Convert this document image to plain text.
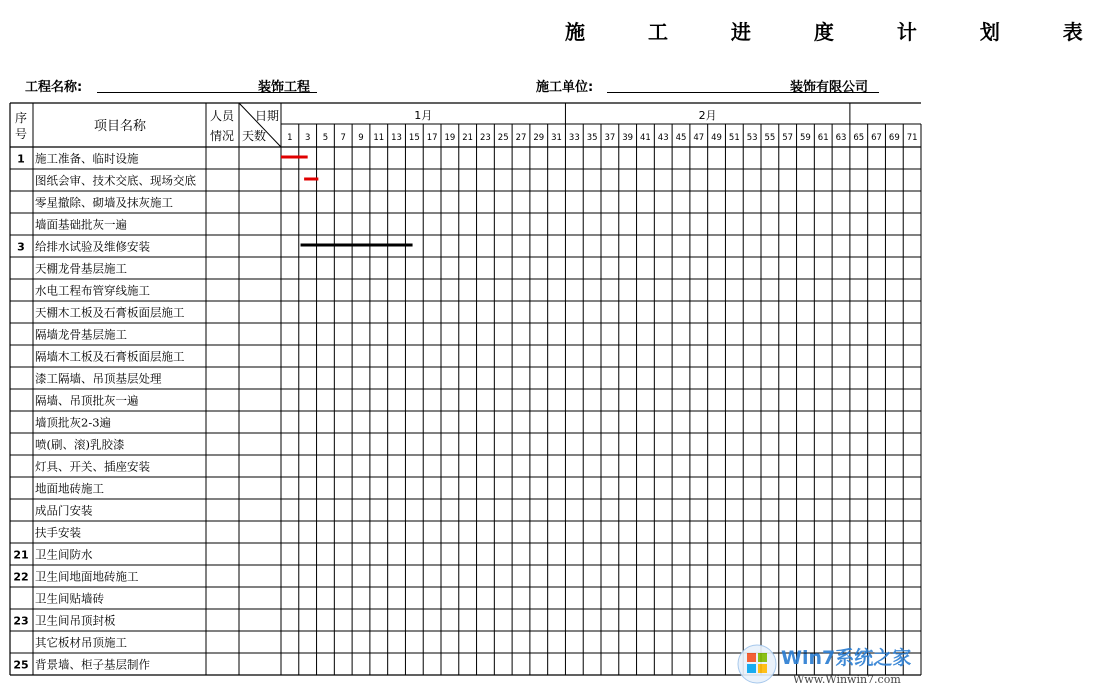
施 工 进 度 计 划 表
工程名称:	装饰工程	施工单位:	装饰有限公司
序
号	项目名称
人员
情况
日期
天数
1月	2月
1 3 5 7 9 11 13 15 17 19 21 23 25 27 29 31 33 35 37 39 41 43 45 47 49 51 53 55 57 59 61 63 65 67 69 71
1 施工准备、临时设施
图纸会审、技术交底、现场交底
零星撤除、砌墙及抹灰施工
墙面基础批灰一遍
3 给排水试验及维修安装
天棚龙骨基层施工
水电工程布管穿线施工
天棚木工板及石膏板面层施工
隔墙龙骨基层施工
隔墙木工板及石膏板面层施工
漆工隔墙、吊顶基层处理
隔墙、吊顶批灰一遍
墙顶批灰2-3遍
喷(刷、滚)乳胶漆
灯具、开关、插座安装
地面地砖施工
成品门安装
扶手安装
21 卫生间防水
22 卫生间地面地砖施工
卫生间贴墙砖
23 卫生间吊顶封板
其它板材吊顶施工
25 背景墙、柜子基层制作	Win7系统之家
Www.Winwin7.com
